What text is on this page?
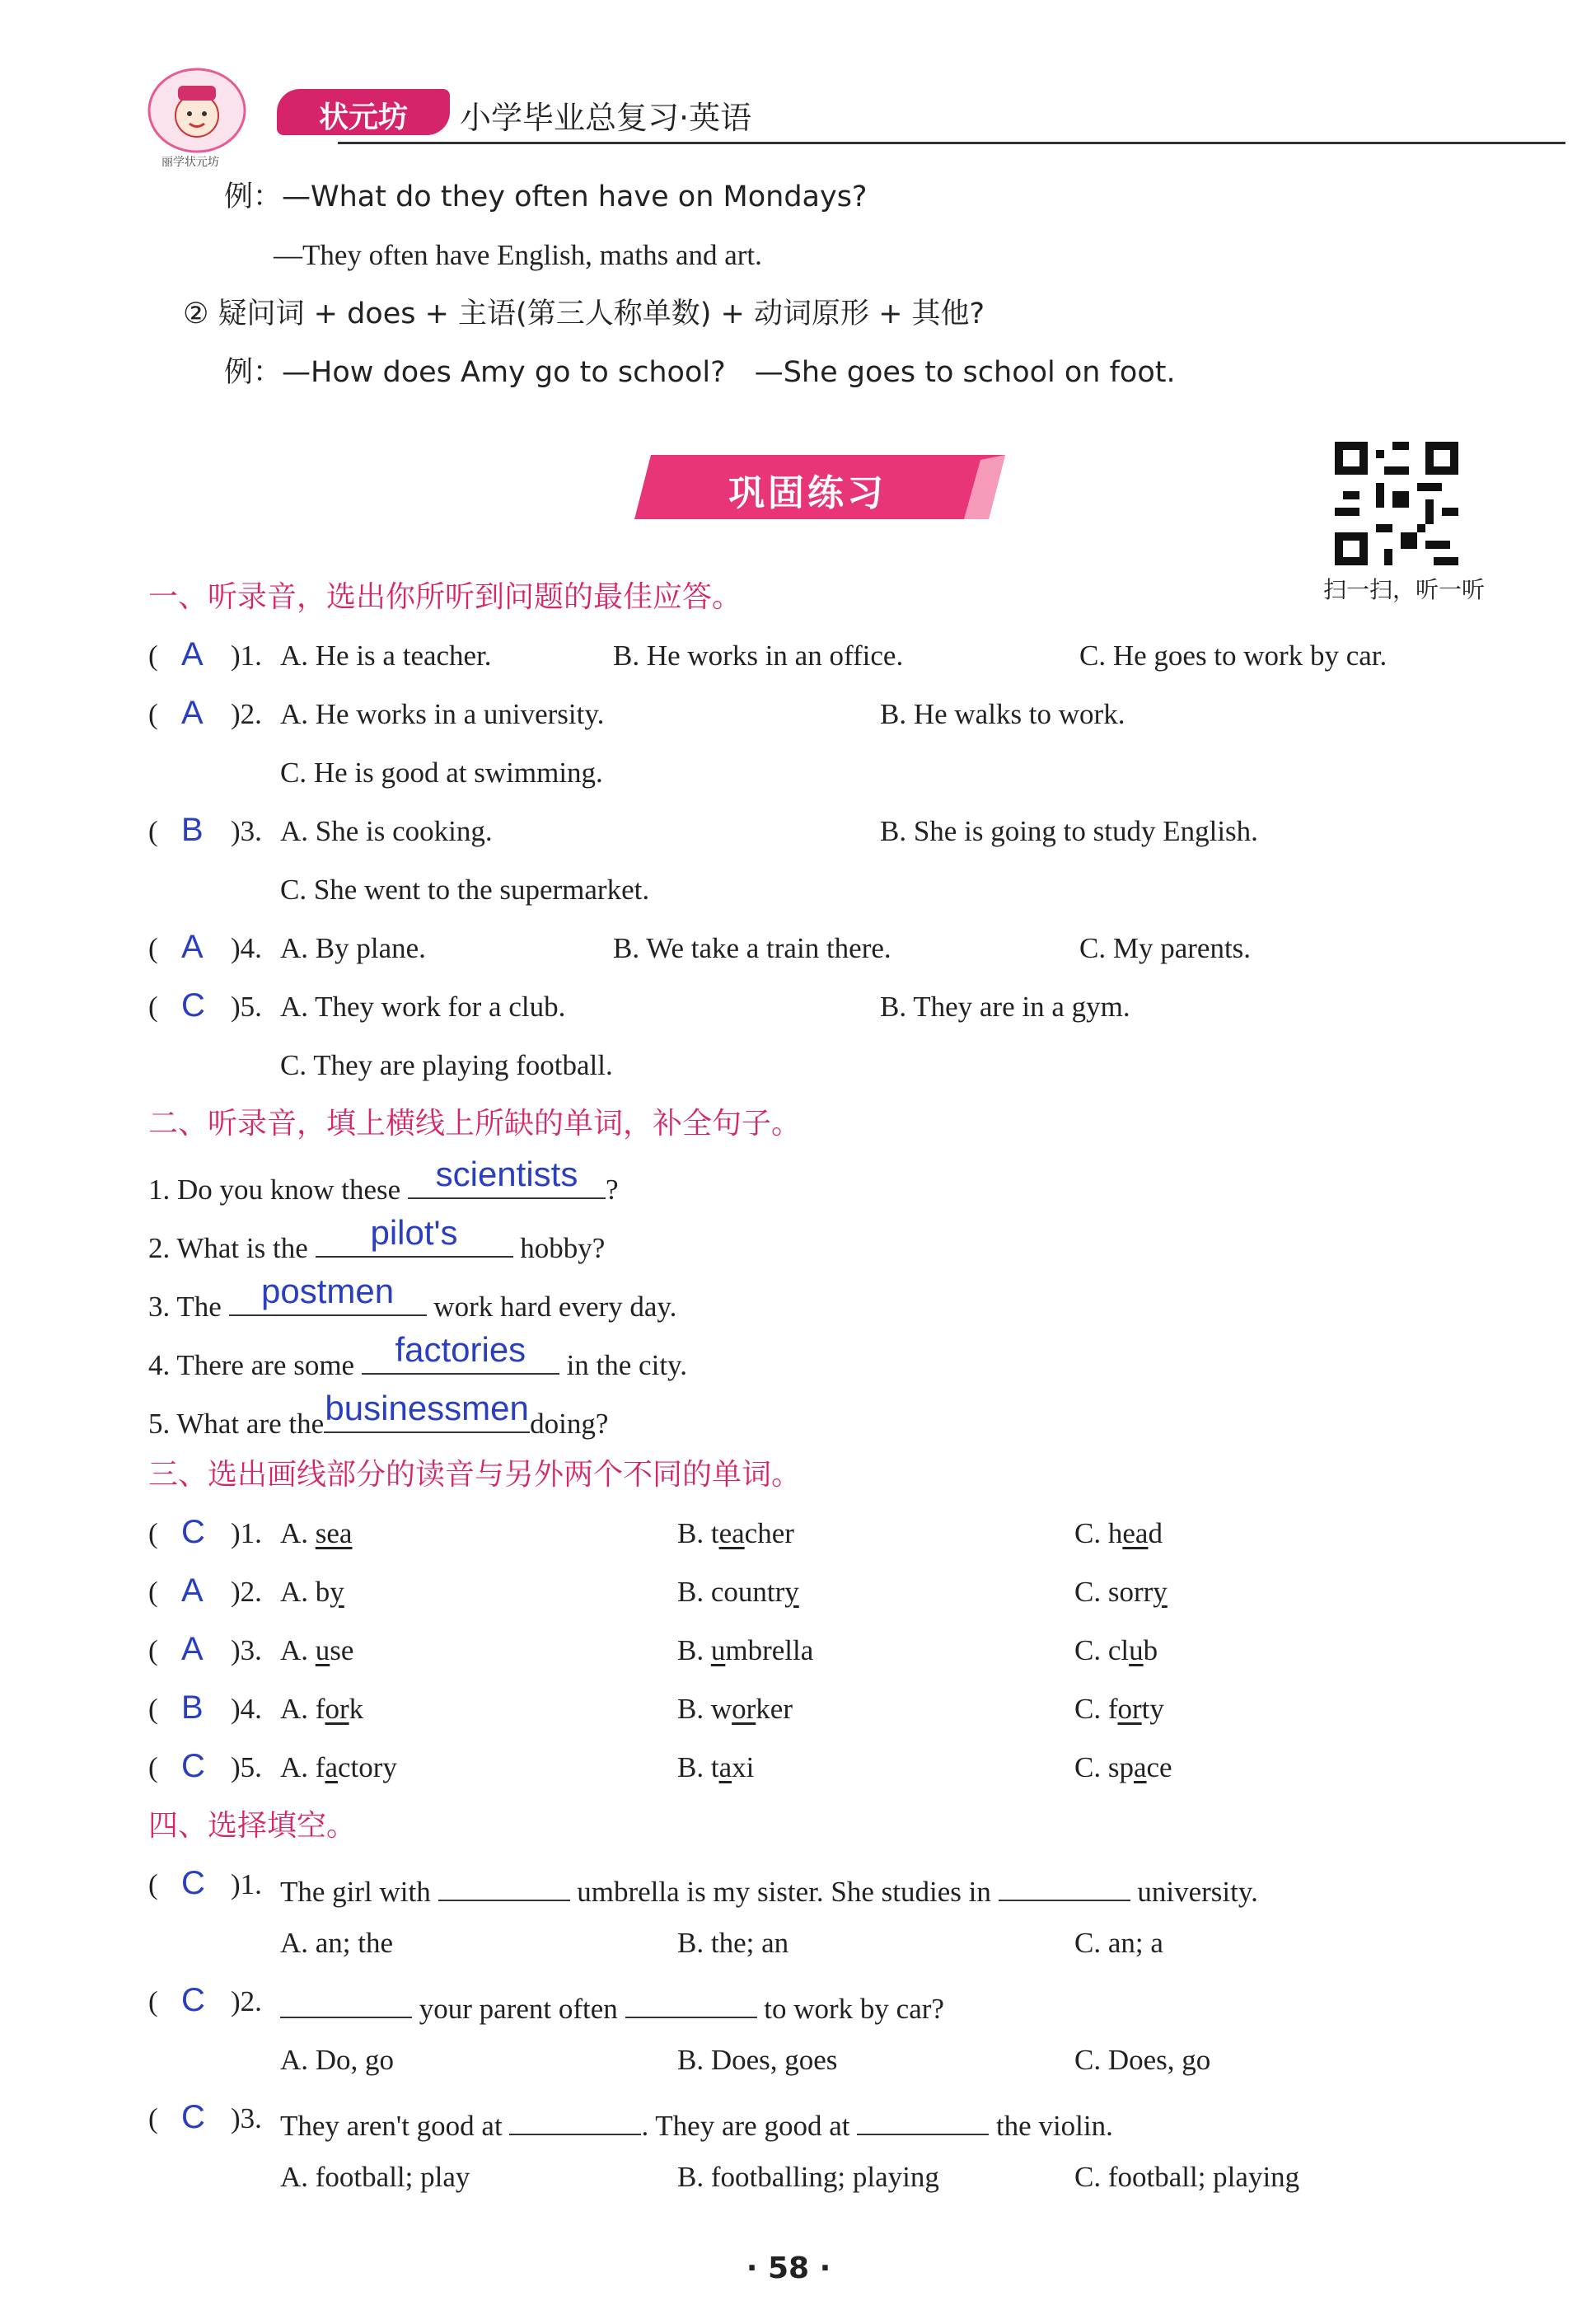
丽学状元坊
状元坊	小学毕业总复习·英语
例：—What do they often have on Mondays?
—They often have English, maths and art.
② 疑问词 + does + 主语(第三人称单数) + 动词原形 + 其他?
例：—How does Amy go to school?　—She goes to school on foot.
巩固练习
扫一扫，听一听
一、听录音，选出你所听到问题的最佳应答。
( A )1. A. He is a teacher.	B. He works in an office.	C. He goes to work by car.
( A )2. A. He works in a university.	B. He walks to work.
C. He is good at swimming.
( B )3. A. She is cooking.	B. She is going to study English.
C. She went to the supermarket.
( A )4. A. By plane.	B. We take a train there.	C. My parents.
( C )5. A. They work for a club.	B. They are in a gym.
C. They are playing football.
二、听录音，填上横线上所缺的单词，补全句子。
1. Do you know these	scientists ?
2. What is the	pilot's	hobby?
3. The	postmen	work hard every day.
4. There are some	factories	in the city.
5. What are the businessmen doing?
三、选出画线部分的读音与另外两个不同的单词。
( C )1. A. sea	B. teacher	C. head
( A )2. A. by	B. country	C. sorry
( A )3. A. use	B. umbrella	C. club
( B )4. A. fork	B. worker	C. forty
( C )5. A. factory	B. taxi	C. space
四、选择填空。
( C )1. The girl with	umbrella is my sister. She studies in	university.
A. an; the	B. the; an	C. an; a
( C )2.	your parent often	to work by car?
A. Do, go	B. Does, goes	C. Does, go
( C )3. They aren't good at	. They are good at	the violin.
A. football; play	B. footballing; playing	C. football; playing
· 58 ·
